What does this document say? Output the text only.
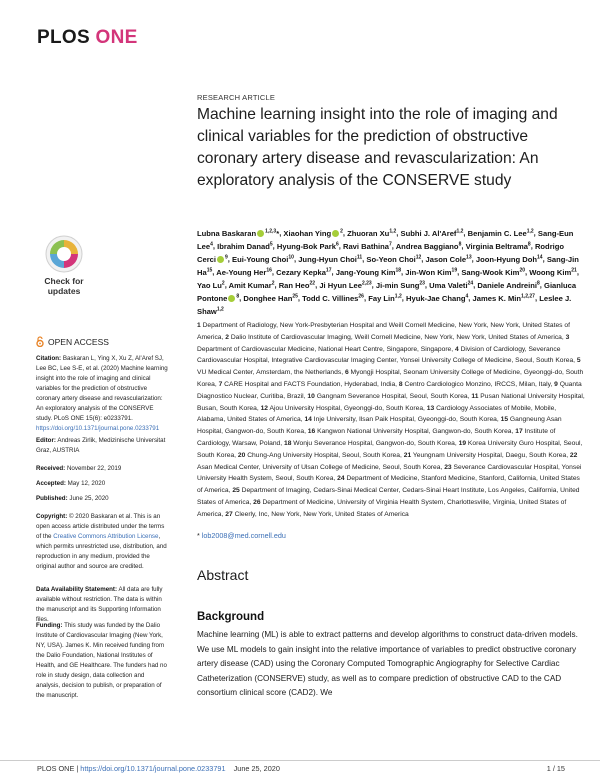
PLOS ONE
Check for
updates
OPEN ACCESS
Citation: Baskaran L, Ying X, Xu Z, Al'Aref SJ, Lee BC, Lee S-E, et al. (2020) Machine learning insight into the role of imaging and clinical variables for the prediction of obstructive coronary artery disease and revascularization: An exploratory analysis of the CONSERVE study. PLoS ONE 15(6): e0233791. https://doi.org/10.1371/journal.pone.0233791
Editor: Andreas Zirlik, Medizinische Universitat Graz, AUSTRIA
Received: November 22, 2019
Accepted: May 12, 2020
Published: June 25, 2020
Copyright: © 2020 Baskaran et al. This is an open access article distributed under the terms of the Creative Commons Attribution License, which permits unrestricted use, distribution, and reproduction in any medium, provided the original author and source are credited.
Data Availability Statement: All data are fully available without restriction. The data is within the manuscript and its Supporting Information files.
Funding: This study was funded by the Dalio Institute of Cardiovascular Imaging (New York, NY, USA). James K. Min received funding from the Dalio Foundation, National Institutes of Health, and GE Healthcare. The funders had no role in study design, data collection and analysis, decision to publish, or preparation of the manuscript.
RESEARCH ARTICLE
Machine learning insight into the role of imaging and clinical variables for the prediction of obstructive coronary artery disease and revascularization: An exploratory analysis of the CONSERVE study
Lubna Baskaran $^{1,2,3}$*, Xiaohan Ying $^2$, Zhuoran Xu$^{1,2}$, Subhi J. Al'Aref$^{1,2}$, Benjamin C. Lee$^{1,2}$, Sang-Eun Lee$^4$, Ibrahim Danad$^5$, Hyung-Bok Park$^6$, Ravi Bathina$^7$, Andrea Baggiano$^8$, Virginia Beltrama$^8$, Rodrigo Cerci $^9$, Eui-Young Choi$^{10}$, Jung-Hyun Choi$^{11}$, So-Yeon Choi$^{12}$, Jason Cole$^{13}$, Joon-Hyung Doh$^{14}$, Sang-Jin Ha$^{15}$, Ae-Young Her$^{16}$, Cezary Kepka$^{17}$, Jang-Young Kim$^{18}$, Jin-Won Kim$^{19}$, Sang-Wook Kim$^{20}$, Woong Kim$^{21}$, Yao Lu$^2$, Amit Kumar$^2$, Ran Heo$^{22}$, Ji Hyun Lee$^{2,23}$, Ji-min Sung$^{23}$, Uma Valeti$^{24}$, Daniele Andreini$^8$, Gianluca Pontone $^8$, Donghee Han$^{25}$, Todd C. Villines$^{26}$, Fay Lin$^{1,2}$, Hyuk-Jae Chang$^4$, James K. Min$^{1,2,27}$, Leslee J. Shaw$^{1,2}$
1 Department of Radiology, New York-Presbyterian Hospital and Weill Cornell Medicine, New York, New York, United States of America, 2 Dalio Institute of Cardiovascular Imaging, Weill Cornell Medicine, New York, New York, United States of America, 3 Department of Cardiovascular Medicine, National Heart Centre, Singapore, Singapore, 4 Division of Cardiology, Severance Cardiovascular Hospital, Integrative Cardiovascular Imaging Center, Yonsei University College of Medicine, Seoul, South Korea, 5 VU Medical Center, Amsterdam, the Netherlands, 6 Myongji Hospital, Seonam University College of Medicine, Gyeonggi-do, South Korea, 7 CARE Hospital and FACTS Foundation, Hyderabad, India, 8 Centro Cardiologico Monzino, IRCCS, Milan, Italy, 9 Quanta Diagnostico Nuclear, Curitiba, Brazil, 10 Gangnam Severance Hospital, Seoul, South Korea, 11 Pusan National University Hospital, Busan, South Korea, 12 Ajou University Hospital, Gyeonggi-do, South Korea, 13 Cardiology Associates of Mobile, Mobile, Alabama, United States of America, 14 Inje University, Ilsan Paik Hospital, Gyeonggi-do, South Korea, 15 Gangneung Asan Hospital, Gangwon-do, South Korea, 16 Kangwon National University Hospital, Gangwon-do, South Korea, 17 Institute of Cardiology, Warsaw, Poland, 18 Wonju Severance Hospital, Gangwon-do, South Korea, 19 Korea University Guro Hospital, Seoul, South Korea, 20 Chung-Ang University Hospital, Seoul, South Korea, 21 Yeungnam University Hospital, Daegu, South Korea, 22 Asan Medical Center, University of Ulsan College of Medicine, Seoul, South Korea, 23 Severance Cardiovascular Hospital, Yonsei University Health System, Seoul, South Korea, 24 Department of Medicine, Stanford Medicine, Stanford, California, United States of America, 25 Department of Imaging, Cedars-Sinai Medical Center, Cedars-Sinai Heart Institute, Los Angeles, California, United States of America, 26 Department of Medicine, University of Virginia Health System, Charlottesville, Virginia, United States of America, 27 Cleerly, Inc, New York, New York, United States of America
* lob2008@med.cornell.edu
Abstract
Background
Machine learning (ML) is able to extract patterns and develop algorithms to construct data-driven models. We use ML models to gain insight into the relative importance of variables to predict obstructive coronary artery disease (CAD) using the Coronary Computed Tomographic Angiography for Selective Cardiac Catheterization (CONSERVE) study, as well as to compare prediction of obstructive CAD to the CAD consortium clinical score (CAD2). We
PLOS ONE | https://doi.org/10.1371/journal.pone.0233791 June 25, 2020	1 / 15
